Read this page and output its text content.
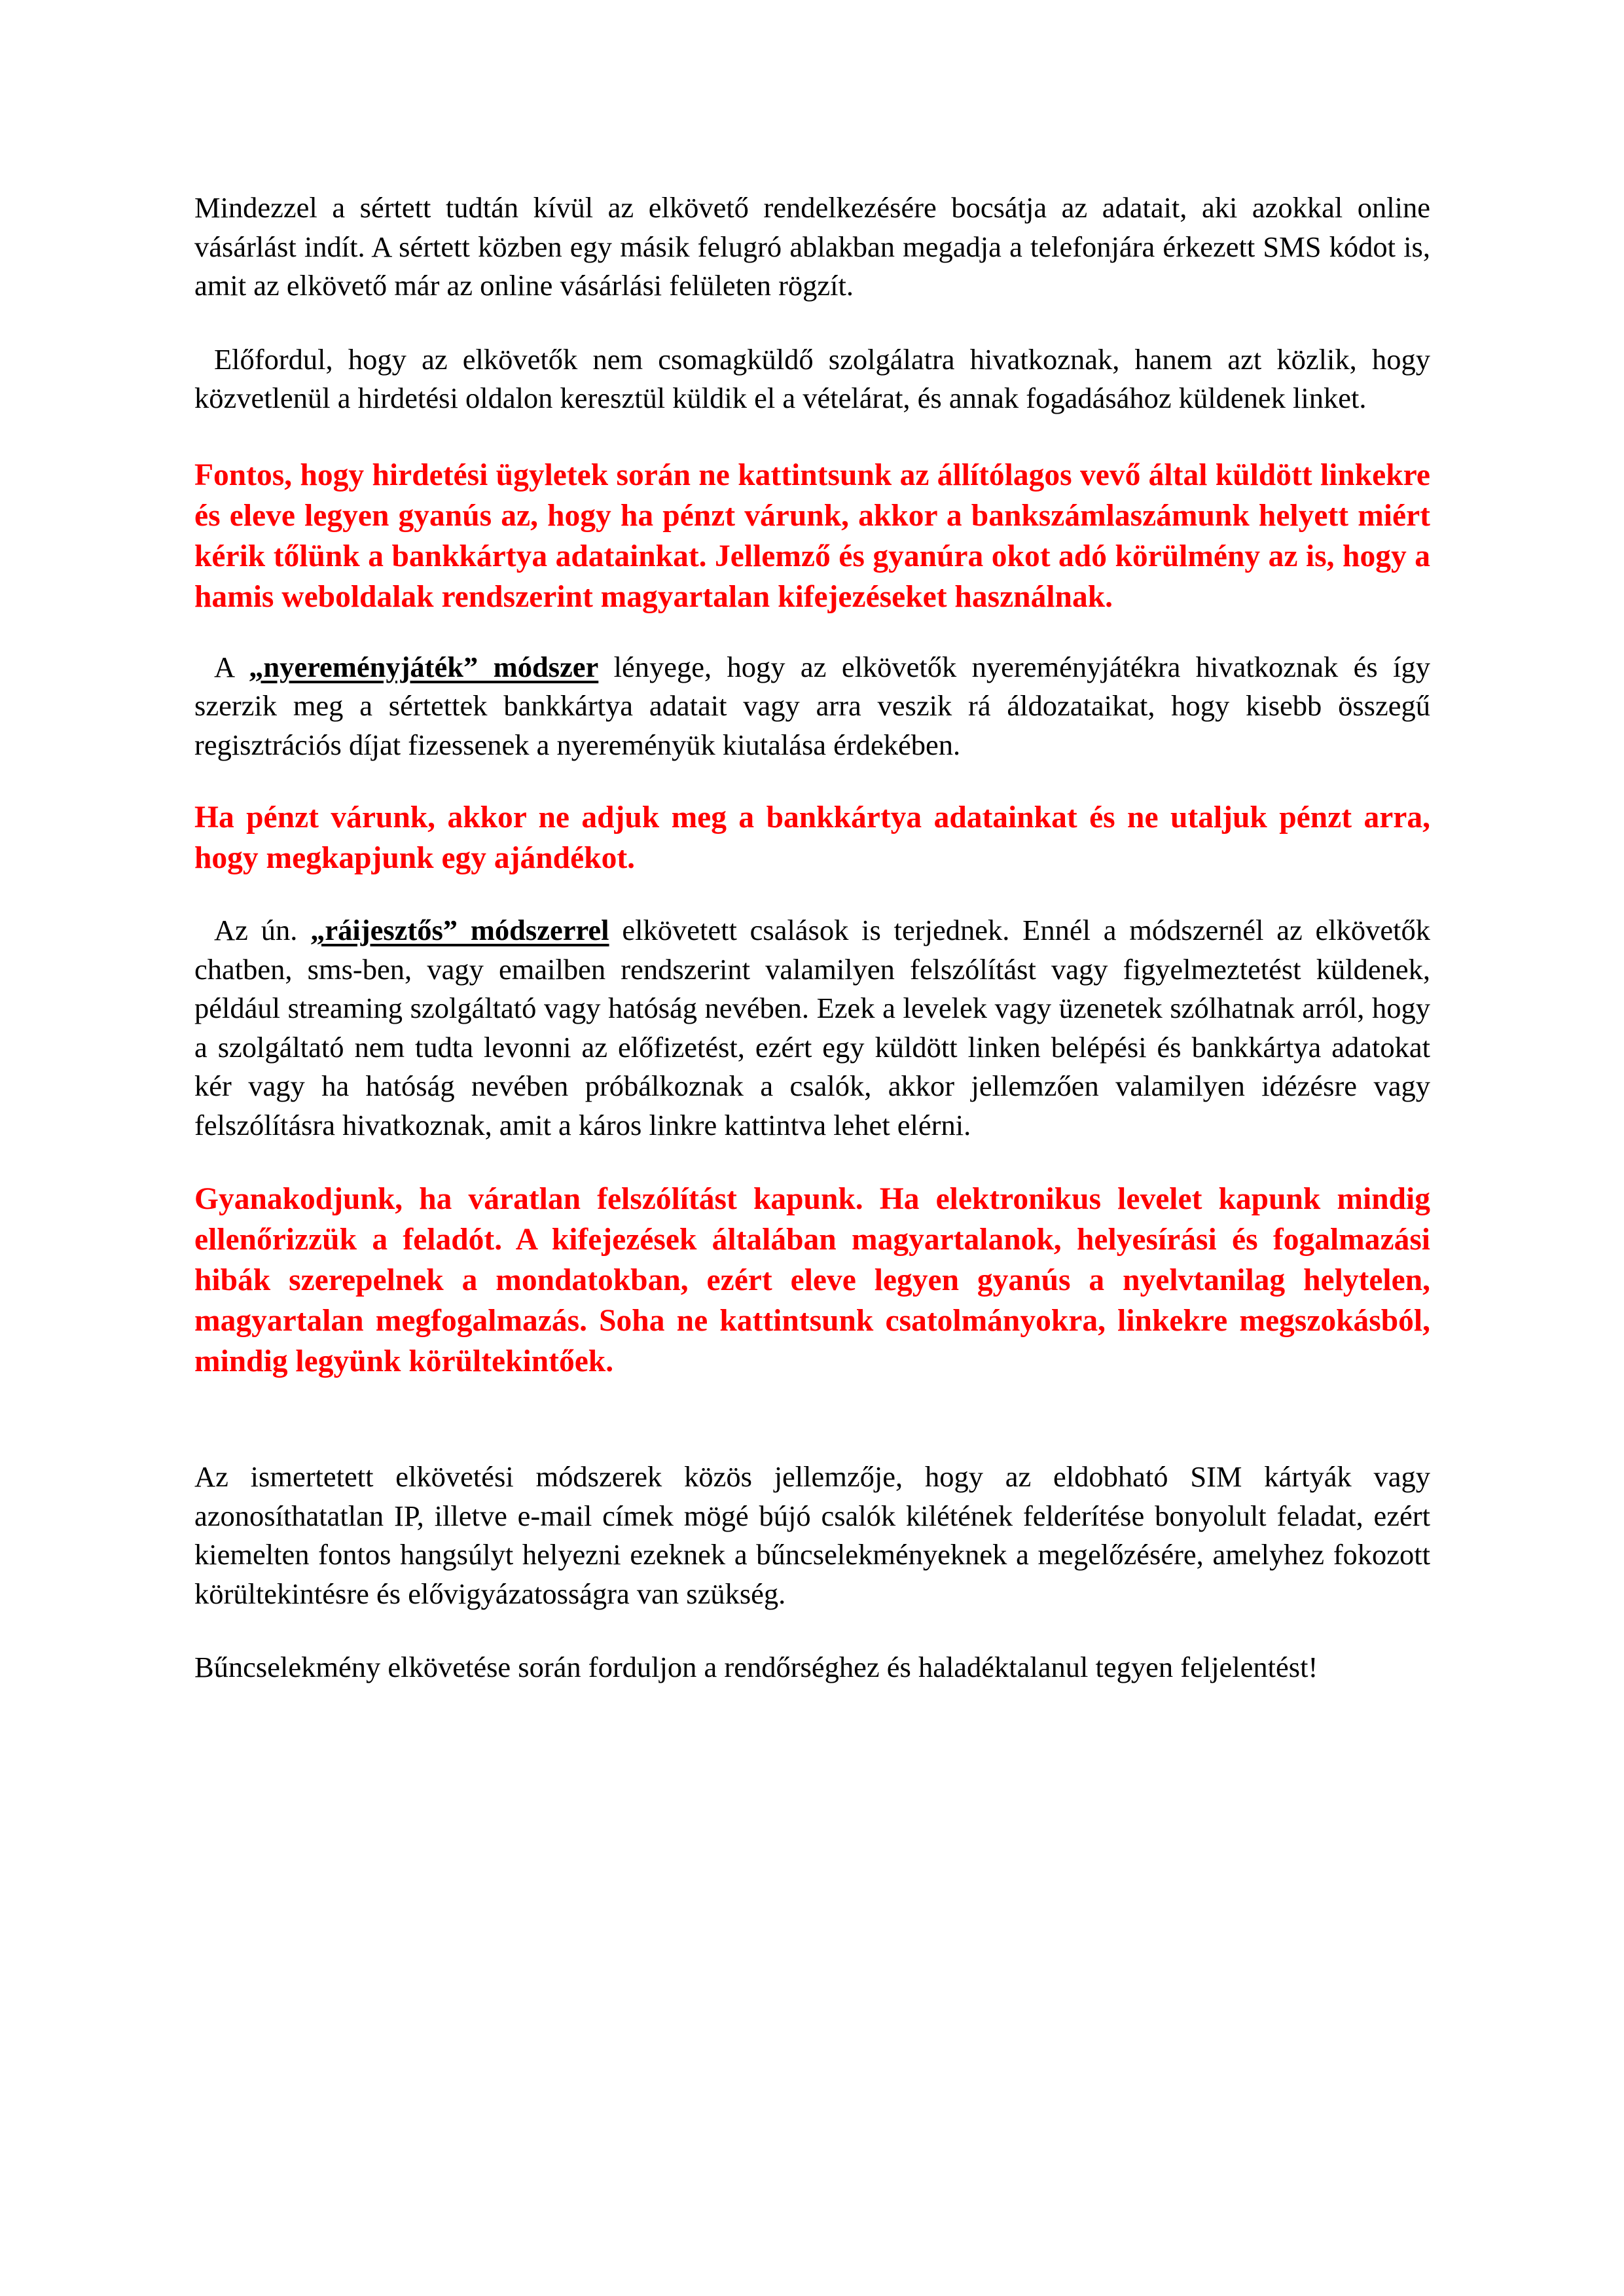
Mindezzel a sértett tudtán kívül az elkövető rendelkezésére bocsátja az adatait, aki azokkal online vásárlást indít. A sértett közben egy másik felugró ablakban megadja a telefonjára érkezett SMS kódot is, amit az elkövető már az online vásárlási felületen rögzít.

Előfordul, hogy az elkövetők nem csomagküldő szolgálatra hivatkoznak, hanem azt közlik, hogy közvetlenül a hirdetési oldalon keresztül küldik el a vételárat, és annak fogadásához küldenek linket.

Fontos, hogy hirdetési ügyletek során ne kattintsunk az állítólagos vevő által küldött linkekre és eleve legyen gyanús az, hogy ha pénzt várunk, akkor a bankszámlaszámunk helyett miért kérik tőlünk a bankkártya adatainkat. Jellemző és gyanúra okot adó körülmény az is, hogy a hamis weboldalak rendszerint magyartalan kifejezéseket használnak.

A „nyereményjáték” módszer lényege, hogy az elkövetők nyereményjátékra hivatkoznak és így szerzik meg a sértettek bankkártya adatait vagy arra veszik rá áldozataikat, hogy kisebb összegű regisztrációs díjat fizessenek a nyereményük kiutalása érdekében.

Ha pénzt várunk, akkor ne adjuk meg a bankkártya adatainkat és ne utaljuk pénzt arra, hogy megkapjunk egy ajándékot.

Az ún. „ráijesztős” módszerrel elkövetett csalások is terjednek. Ennél a módszernél az elkövetők chatben, sms-ben, vagy emailben rendszerint valamilyen felszólítást vagy figyelmeztetést küldenek, például streaming szolgáltató vagy hatóság nevében. Ezek a levelek vagy üzenetek szólhatnak arról, hogy a szolgáltató nem tudta levonni az előfizetést, ezért egy küldött linken belépési és bankkártya adatokat kér vagy ha hatóság nevében próbálkoznak a csalók, akkor jellemzően valamilyen idézésre vagy felszólításra hivatkoznak, amit a káros linkre kattintva lehet elérni.

Gyanakodjunk, ha váratlan felszólítást kapunk. Ha elektronikus levelet kapunk mindig ellenőrizzük a feladót. A kifejezések általában magyartalanok, helyesírási és fogalmazási hibák szerepelnek a mondatokban, ezért eleve legyen gyanús a nyelvtanilag helytelen, magyartalan megfogalmazás. Soha ne kattintsunk csatolmányokra, linkekre megszokásból, mindig legyünk körültekintőek.

Az ismertetett elkövetési módszerek közös jellemzője, hogy az eldobható SIM kártyák vagy azonosíthatatlan IP, illetve e-mail címek mögé bújó csalók kilétének felderítése bonyolult feladat, ezért kiemelten fontos hangsúlyt helyezni ezeknek a bűncselekményeknek a megelőzésére, amelyhez fokozott körültekintésre és elővigyázatosságra van szükség.

Bűncselekmény elkövetése során forduljon a rendőrséghez és haladéktalanul tegyen feljelentést!
